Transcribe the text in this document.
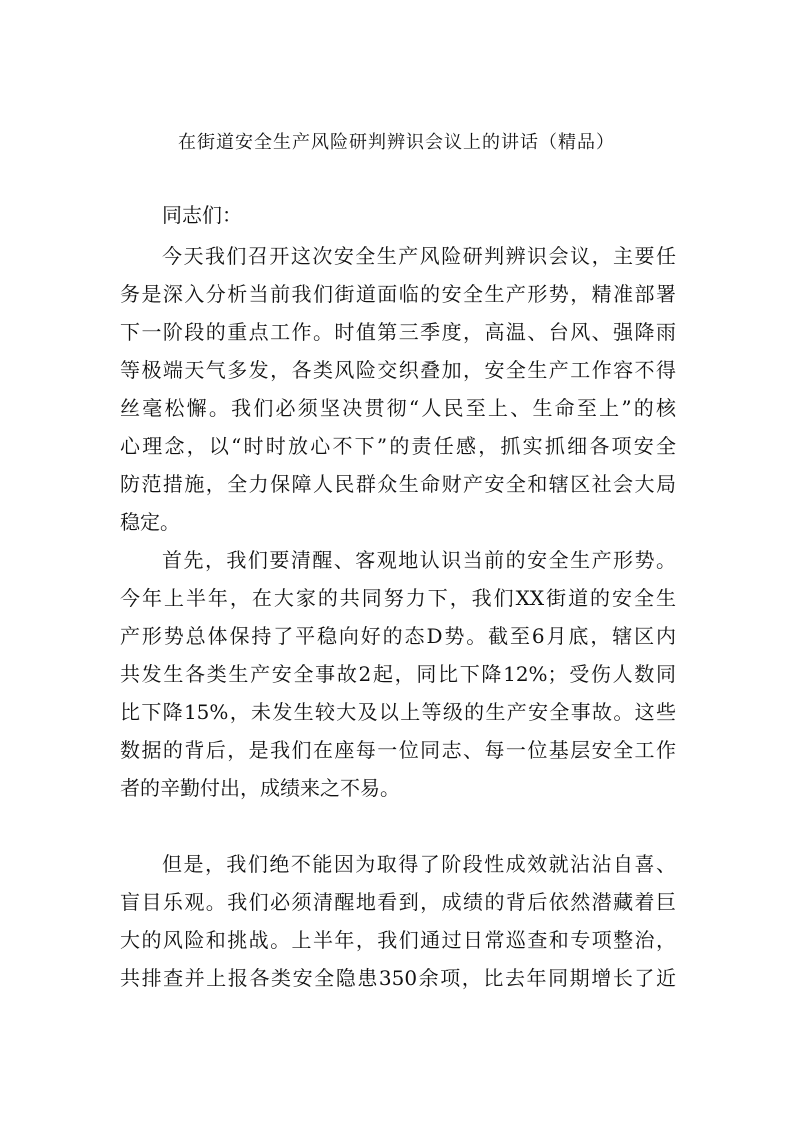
在街道安全生产风险研判辨识会议上的讲话（精品）
同志们：
今天我们召开这次安全生产风险研判辨识会议，主要任
务是深入分析当前我们街道面临的安全生产形势，精准部署
下一阶段的重点工作。时值第三季度，高温、台风、强降雨
等极端天气多发，各类风险交织叠加，安全生产工作容不得
丝毫松懈。我们必须坚决贯彻“人民至上、生命至上”的核
心理念，以“时时放心不下”的责任感，抓实抓细各项安全
防范措施，全力保障人民群众生命财产安全和辖区社会大局
稳定。
首先，我们要清醒、客观地认识当前的安全生产形势。
今年上半年，在大家的共同努力下，我们XX街道的安全生
产形势总体保持了平稳向好的态D势。截至6月底，辖区内
共发生各类生产安全事故2起，同比下降12%；受伤人数同
比下降15%，未发生较大及以上等级的生产安全事故。这些
数据的背后，是我们在座每一位同志、每一位基层安全工作
者的辛勤付出，成绩来之不易。
但是，我们绝不能因为取得了阶段性成效就沾沾自喜、
盲目乐观。我们必须清醒地看到，成绩的背后依然潜藏着巨
大的风险和挑战。上半年，我们通过日常巡查和专项整治，
共排查并上报各类安全隐患350余项，比去年同期增长了近
